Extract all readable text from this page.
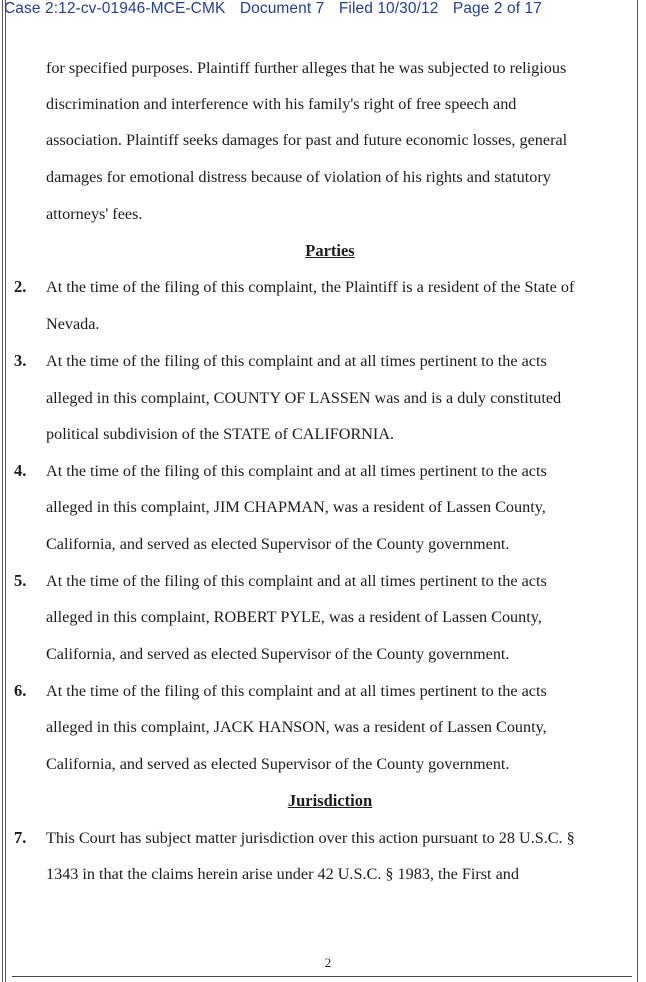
Case 2:12-cv-01946-MCE-CMK Document 7 Filed 10/30/12 Page 2 of 17
for specified purposes. Plaintiff further alleges that he was subjected to religious
discrimination and interference with his family's right of free speech and
association. Plaintiff seeks damages for past and future economic losses, general
damages for emotional distress because of violation of his rights and statutory
attorneys' fees.
Parties
2. At the time of the filing of this complaint, the Plaintiff is a resident of the State of
Nevada.
3. At the time of the filing of this complaint and at all times pertinent to the acts
alleged in this complaint, COUNTY OF LASSEN was and is a duly constituted
political subdivision of the STATE of CALIFORNIA.
4. At the time of the filing of this complaint and at all times pertinent to the acts
alleged in this complaint, JIM CHAPMAN, was a resident of Lassen County,
California, and served as elected Supervisor of the County government.
5. At the time of the filing of this complaint and at all times pertinent to the acts
alleged in this complaint, ROBERT PYLE, was a resident of Lassen County,
California, and served as elected Supervisor of the County government.
6. At the time of the filing of this complaint and at all times pertinent to the acts
alleged in this complaint, JACK HANSON, was a resident of Lassen County,
California, and served as elected Supervisor of the County government.
Jurisdiction
7. This Court has subject matter jurisdiction over this action pursuant to 28 U.S.C. §
1343 in that the claims herein arise under 42 U.S.C. § 1983, the First and
2
